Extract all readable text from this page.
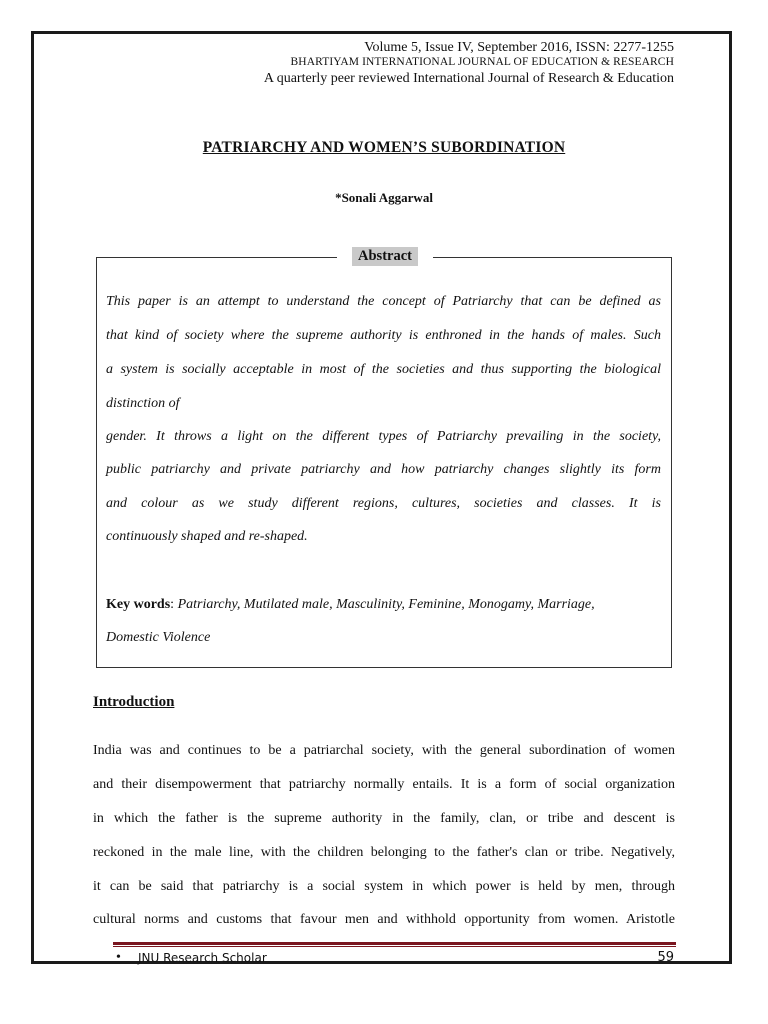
Volume 5, Issue IV, September 2016, ISSN: 2277-1255
BHARTIYAM INTERNATIONAL JOURNAL OF EDUCATION & RESEARCH
A quarterly peer reviewed International Journal of Research & Education
PATRIARCHY AND WOMEN’S SUBORDINATION
*Sonali Aggarwal
Abstract
This paper is an attempt to understand the concept of Patriarchy that can be defined as
that kind of society where the supreme authority is enthroned in the hands of males. Such
a system is socially acceptable in most of the societies and thus supporting the biological
distinction of
gender. It throws a light on the different types of Patriarchy prevailing in the society,
public patriarchy and private patriarchy and how patriarchy changes slightly its form
and colour as we study different regions, cultures, societies and classes. It is
continuously shaped and re-shaped.
Key words: Patriarchy, Mutilated male, Masculinity, Feminine, Monogamy, Marriage,
Domestic Violence
Introduction
India was and continues to be a patriarchal society, with the general subordination of women
and their disempowerment that patriarchy normally entails. It is a form of social organization
in which the father is the supreme authority in the family, clan, or tribe and descent is
reckoned in the male line, with the children belonging to the father's clan or tribe. Negatively,
it can be said that patriarchy is a social system in which power is held by men, through
cultural norms and customs that favour men and withhold opportunity from women. Aristotle
• JNU Research Scholar	59
